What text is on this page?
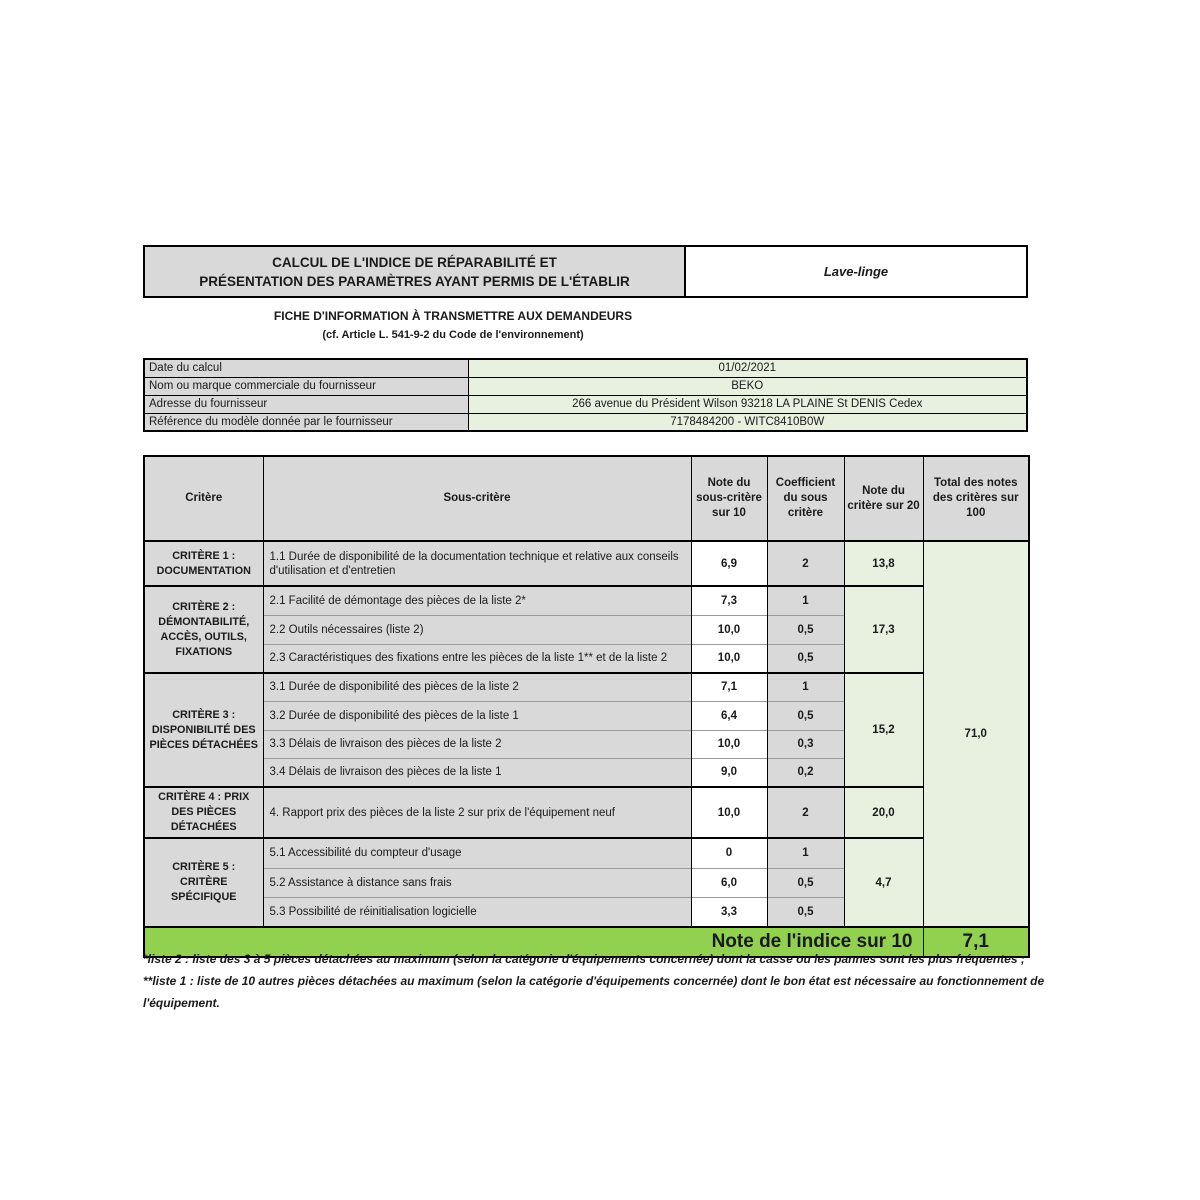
CALCUL DE L'INDICE DE RÉPARABILITÉ ET
PRÉSENTATION DES PARAMÈTRES AYANT PERMIS DE L'ÉTABLIR
Lave-linge
FICHE D'INFORMATION À TRANSMETTRE AUX DEMANDEURS
(cf. Article L. 541-9-2 du Code de l'environnement)
Date du calcul	01/02/2021
Nom ou marque commerciale du fournisseur	BEKO
Adresse du fournisseur	266 avenue du Président Wilson 93218 LA PLAINE St DENIS Cedex
Référence du modèle donnée par le fournisseur	7178484200 - WITC8410B0W
Critère	Sous-critère	Note du sous-critère sur 10	Coefficient du sous critère	Note du critère sur 20	Total des notes des critères sur 100
CRITÈRE 1 : DOCUMENTATION	1.1 Durée de disponibilité de la documentation technique et relative aux conseils d'utilisation et d'entretien	6,9	2	13,8	71,0
CRITÈRE 2 : DÉMONTABILITÉ, ACCÈS, OUTILS, FIXATIONS	2.1 Facilité de démontage des pièces de la liste 2*	7,3	1	17,3	
	2.2 Outils nécessaires (liste 2)	10,0	0,5		
	2.3 Caractéristiques des fixations entre les pièces de la liste 1** et de la liste 2	10,0	0,5		
CRITÈRE 3 : DISPONIBILITÉ DES PIÈCES DÉTACHÉES	3.1 Durée de disponibilité des pièces de la liste 2	7,1	1	15,2	
	3.2 Durée de disponibilité des pièces de la liste 1	6,4	0,5		
	3.3 Délais de livraison des pièces de la liste 2	10,0	0,3		
	3.4 Délais de livraison des pièces de la liste 1	9,0	0,2		
CRITÈRE 4 : PRIX DES PIÈCES DÉTACHÉES	4. Rapport prix des pièces de la liste 2 sur prix de l'équipement neuf	10,0	2	20,0	
CRITÈRE 5 : CRITÈRE SPÉCIFIQUE	5.1 Accessibilité du compteur d'usage	0	1	4,7	
	5.2 Assistance à distance sans frais	6,0	0,5		
	5.3 Possibilité de réinitialisation logicielle	3,3	0,5		
Note de l'indice sur 10					7,1
*liste 2 : liste des 3 à 5 pièces détachées au maximum (selon la catégorie d'équipements concernée) dont la casse ou les pannes sont les plus fréquentes ;
**liste 1 : liste de 10 autres pièces détachées au maximum (selon la catégorie d'équipements concernée) dont le bon état est nécessaire au fonctionnement de l'équipement.
